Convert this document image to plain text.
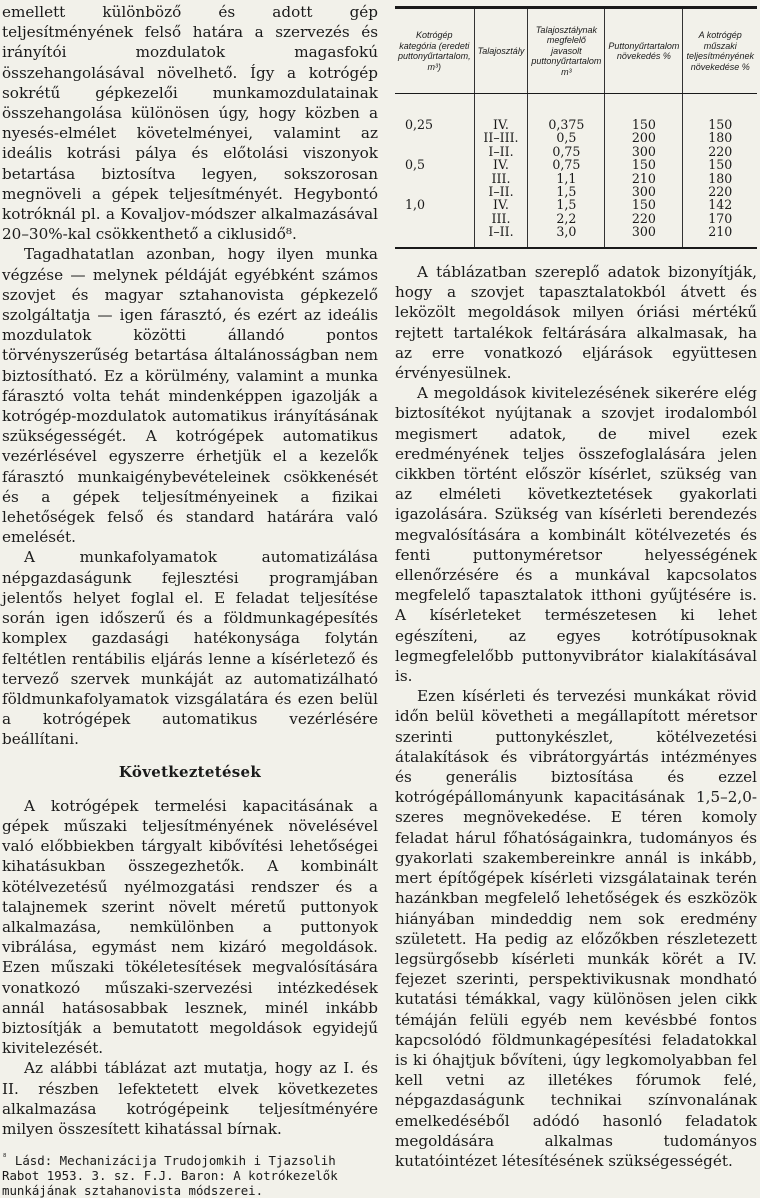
emellett különböző és adott gép teljesítményének felső határa a szervezés és irányítói mozdulatok magasfokú összehangolásával növelhető. Így a kotrógép sokrétű gépkezelői munkamozdulatainak összehangolása különösen úgy, hogy közben a nyesés-elmélet követelményei, valamint az ideális kotrási pálya és előtolási viszonyok betartása biztosítva legyen, sokszorosan megnöveli a gépek teljesítményét. Hegybontó kotróknál pl. a Kovaljov-módszer alkalmazásával 20–30%-kal csökkenthető a ciklusidő⁸.

Tagadhatatlan azonban, hogy ilyen munka végzése — melynek példáját egyébként számos szovjet és magyar sztahanovista gépkezelő szolgáltatja — igen fárasztó, és ezért az ideális mozdulatok közötti állandó pontos törvényszerűség betartása általánosságban nem biztosítható. Ez a körülmény, valamint a munka fárasztó volta tehát mindenképpen igazolják a kotrógép-mozdulatok automatikus irányításának szükségességét. A kotrógépek automatikus vezérlésével egyszerre érhetjük el a kezelők fárasztó munkaigénybevételeinek csökkenését és a gépek teljesítményeinek a fizikai lehetőségek felső és standard határára való emelését.

A munkafolyamatok automatizálása népgazdaságunk fejlesztési programjában jelentős helyet foglal el. E feladat teljesítése során igen időszerű és a földmunkagépesítés komplex gazdasági hatékonysága folytán feltétlen rentábilis eljárás lenne a kísérletező és tervező szervek munkáját az automatizálható földmunkafolyamatok vizsgálatára és ezen belül a kotrógépek automatikus vezérlésére beállítani.

Következtetések

A kotrógépek termelési kapacitásának a gépek műszaki teljesítményének növelésével való előbbiekben tárgyalt kibővítési lehetőségei kihatásukban összegezhetők. A kombinált kötélvezetésű nyélmozgatási rendszer és a talajnemek szerint növelt méretű puttonyok alkalmazása, nemkülönben a puttonyok vibrálása, egymást nem kizáró megoldások. Ezen műszaki tökéletesítések megvalósítására vonatkozó műszaki-szervezési intézkedések annál hatásosabbak lesznek, minél inkább biztosítják a bemutatott megoldások egyidejű kivitelezését.

Az alábbi táblázat azt mutatja, hogy az I. és II. részben lefektetett elvek következetes alkalmazása kotrógépeink teljesítményére milyen összesített kihatással bírnak.

$^{^8}$ Lásd: Mechanizácija Trudojomkih i Tjazsolih Rabot 1953. 3. sz. F.J. Baron: A kotrókezelők munkájának sztahanovista módszerei.
Kotrógép kategória (eredeti puttonyűrtartalom, m³)	Talajosztály	Talajosztálynak megfelelő javasolt puttonyűrtartalom m³	Puttonyűrtartalom növekedés %	A kotrógép műszaki teljesítményének növekedése %
0,25	IV.	0,375	150	150
	II–III.	0,5	200	180
	I–II.	0,75	300	220
0,5	IV.	0,75	150	150
	III.	1,1	210	180
	I–II.	1,5	300	220
1,0	IV.	1,5	150	142
	III.	2,2	220	170
	I–II.	3,0	300	210

A táblázatban szereplő adatok bizonyítják, hogy a szovjet tapasztalatokból átvett és leközölt megoldások milyen óriási mértékű rejtett tartalékok feltárására alkalmasak, ha az erre vonatkozó eljárások együttesen érvényesülnek.

A megoldások kivitelezésének sikerére elég biztosítékot nyújtanak a szovjet irodalomból megismert adatok, de mivel ezek eredményének teljes összefoglalására jelen cikkben történt először kísérlet, szükség van az elméleti következtetések gyakorlati igazolására. Szükség van kísérleti berendezés megvalósítására a kombinált kötélvezetés és fenti puttonyméretsor helyességének ellenőrzésére és a munkával kapcsolatos megfelelő tapasztalatok itthoni gyűjtésére is. A kísérleteket természetesen ki lehet egészíteni, az egyes kotrótípusoknak legmegfelelőbb puttonyvibrátor kialakításával is.

Ezen kísérleti és tervezési munkákat rövid időn belül követheti a megállapított méretsor szerinti puttonykészlet, kötélvezetési átalakítások és vibrátorgyártás intézményes és generális biztosítása és ezzel kotrógépállományunk kapacitásának 1,5–2,0-szeres megnövekedése. E téren komoly feladat hárul főhatóságainkra, tudományos és gyakorlati szakembereinkre annál is inkább, mert építőgépek kísérleti vizsgálatainak terén hazánkban megfelelő lehetőségek és eszközök hiányában mindeddig nem sok eredmény született. Ha pedig az előzőkben részletezett legsürgősebb kísérleti munkák körét a IV. fejezet szerinti, perspektivikusnak mondható kutatási témákkal, vagy különösen jelen cikk témáján felüli egyéb nem kevésbbé fontos kapcsolódó földmunkagépesítési feladatokkal is ki óhajtjuk bővíteni, úgy legkomolyabban fel kell vetni az illetékes fórumok felé, népgazdaságunk technikai színvonalának emelkedéséből adódó hasonló feladatok megoldására alkalmas tudományos kutatóintézet létesítésének szükségességét.
